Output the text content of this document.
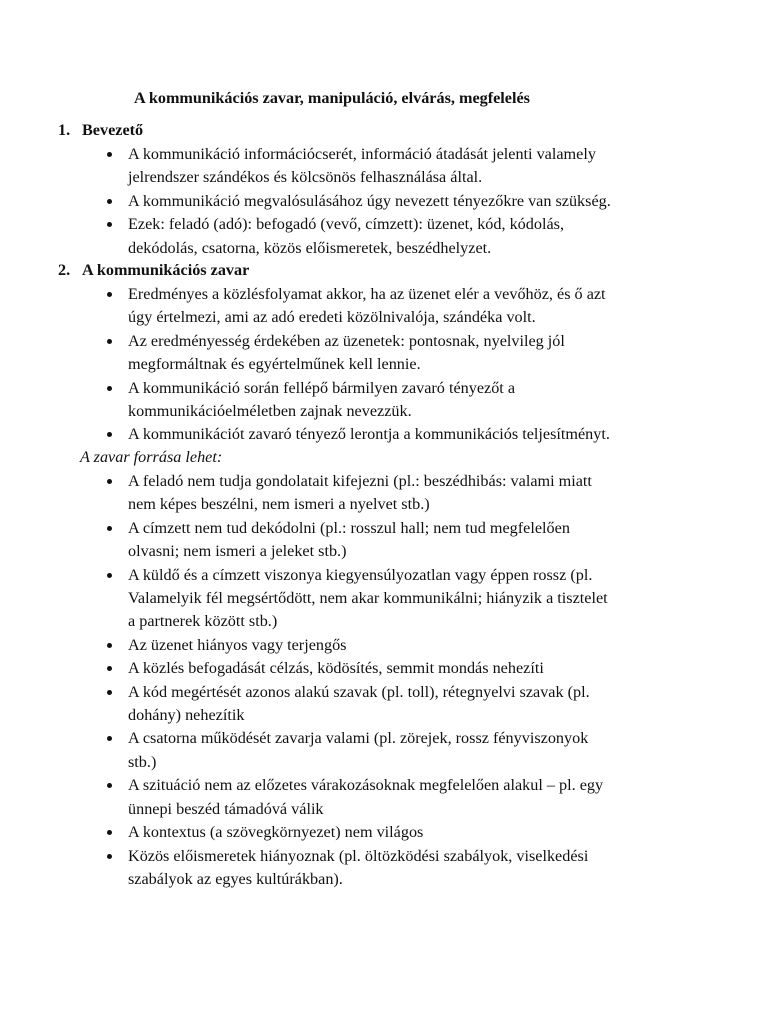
A kommunikációs zavar, manipuláció, elvárás, megfelelés
1. Bevezető
A kommunikáció információcserét, információ átadását jelenti valamely
jelrendszer szándékos és kölcsönös felhasználása által.
A kommunikáció megvalósulásához úgy nevezett tényezőkre van szükség.
Ezek: feladó (adó): befogadó (vevő, címzett): üzenet, kód, kódolás,
dekódolás, csatorna, közös előismeretek, beszédhelyzet.
2. A kommunikációs zavar
Eredményes a közlésfolyamat akkor, ha az üzenet elér a vevőhöz, és ő azt
úgy értelmezi, ami az adó eredeti közölnivalója, szándéka volt.
Az eredményesség érdekében az üzenetek: pontosnak, nyelvileg jól
megformáltnak és egyértelműnek kell lennie.
A kommunikáció során fellépő bármilyen zavaró tényezőt a
kommunikációelméletben zajnak nevezzük.
A kommunikációt zavaró tényező lerontja a kommunikációs teljesítményt.
A zavar forrása lehet:
A feladó nem tudja gondolatait kifejezni (pl.: beszédhibás: valami miatt
nem képes beszélni, nem ismeri a nyelvet stb.)
A címzett nem tud dekódolni (pl.: rosszul hall; nem tud megfelelően
olvasni; nem ismeri a jeleket stb.)
A küldő és a címzett viszonya kiegyensúlyozatlan vagy éppen rossz (pl.
Valamelyik fél megsértődött, nem akar kommunikálni; hiányzik a tisztelet
a partnerek között stb.)
Az üzenet hiányos vagy terjengős
A közlés befogadását célzás, ködösítés, semmit mondás nehezíti
A kód megértését azonos alakú szavak (pl. toll), rétegnyelvi szavak (pl.
dohány) nehezítik
A csatorna működését zavarja valami (pl. zörejek, rossz fényviszonyok
stb.)
A szituáció nem az előzetes várakozásoknak megfelelően alakul – pl. egy
ünnepi beszéd támadóvá válik
A kontextus (a szövegkörnyezet) nem világos
Közös előismeretek hiányoznak (pl. öltözködési szabályok, viselkedési
szabályok az egyes kultúrákban).
